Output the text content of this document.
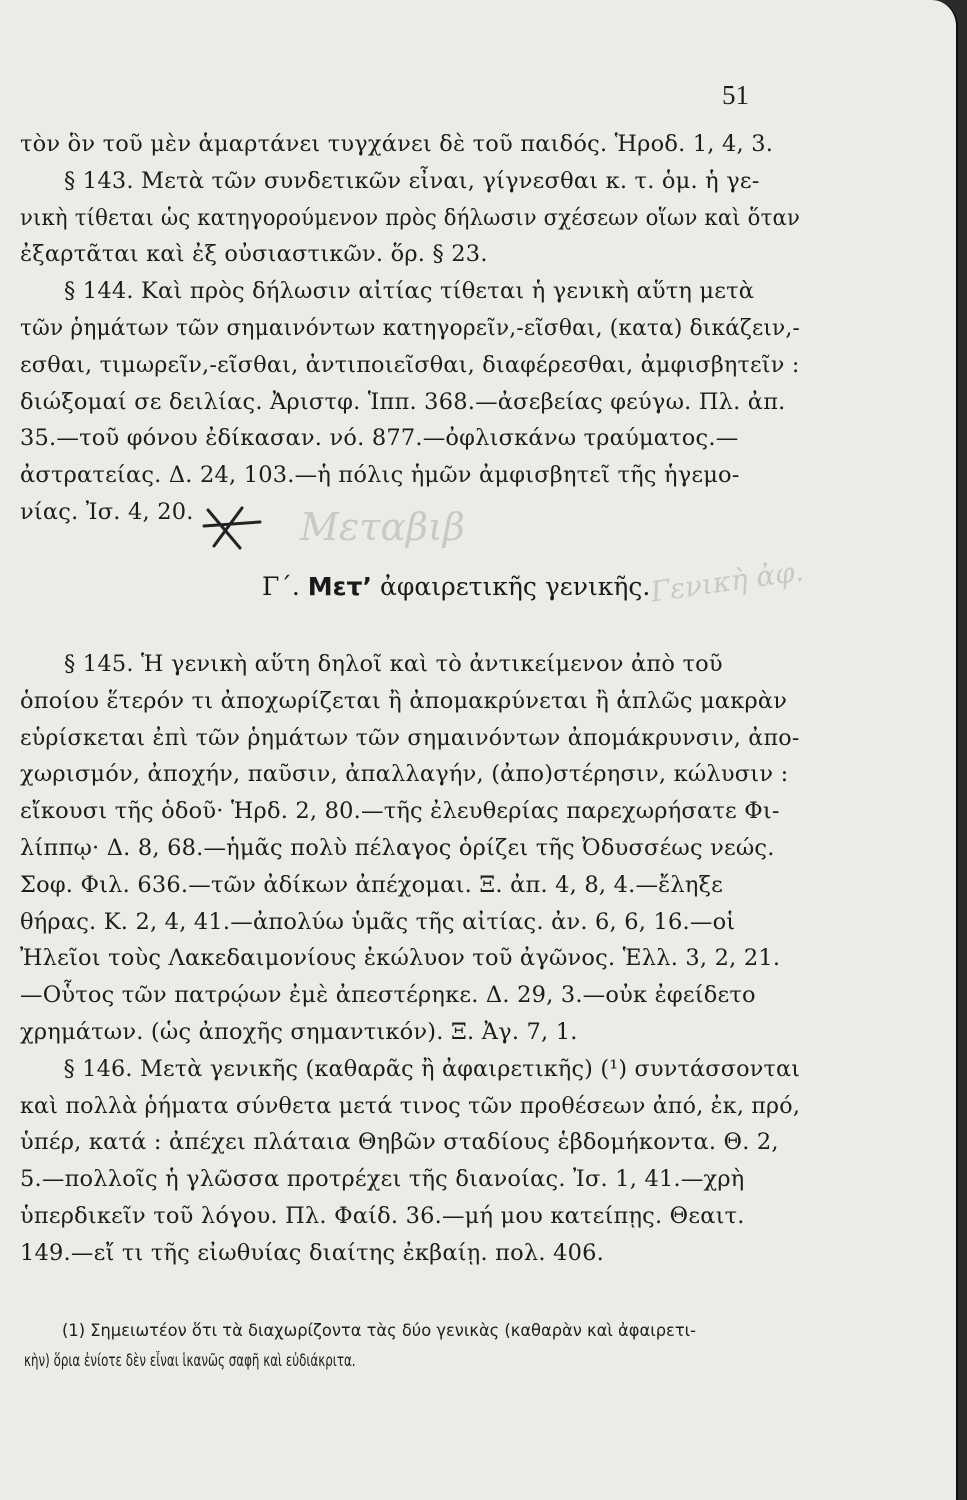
51
τὸν ὃν τοῦ μὲν ἁμαρτάνει τυγχάνει δὲ τοῦ παιδός. Ἡροδ. 1, 4, 3.
§ 143. Μετὰ τῶν συνδετικῶν εἶναι, γίγνεσθαι κ. τ. ὁμ. ἡ γε-
νικὴ τίθεται ὡς κατηγορούμενον πρὸς δήλωσιν σχέσεων οἵων καὶ ὅταν
ἐξαρτᾶται καὶ ἐξ οὐσιαστικῶν. ὅρ. § 23.
§ 144. Καὶ πρὸς δήλωσιν αἰτίας τίθεται ἡ γενικὴ αὕτη μετὰ
τῶν ῥημάτων τῶν σημαινόντων κατηγορεῖν,-εῖσθαι, (κατα) δικάζειν,-
εσθαι, τιμωρεῖν,-εῖσθαι, ἀντιποιεῖσθαι, διαφέρεσθαι, ἀμφισβητεῖν :
διώξομαί σε δειλίας. Ἀριστφ. Ἱππ. 368.—ἀσεβείας φεύγω. Πλ. ἀπ.
35.—τοῦ φόνου ἐδίκασαν. νό. 877.—ὀφλισκάνω τραύματος.—
ἀστρατείας. Δ. 24, 103.—ἡ πόλις ἡμῶν ἀμφισβητεῖ τῆς ἡγεμο-
νίας. Ἰσ. 4, 20.
Γ΄. Μετ’ ἀφαιρετικῆς γενικῆς.
Μεταβιβ
Γενικὴ ἀφ.
§ 145. Ἡ γενικὴ αὕτη δηλοῖ καὶ τὸ ἀντικείμενον ἀπὸ τοῦ
ὁποίου ἕτερόν τι ἀποχωρίζεται ἢ ἀπομακρύνεται ἢ ἁπλῶς μακρὰν
εὑρίσκεται ἐπὶ τῶν ῥημάτων τῶν σημαινόντων ἀπομάκρυνσιν, ἀπο-
χωρισμόν, ἀποχήν, παῦσιν, ἀπαλλαγήν, (ἀπο)στέρησιν, κώλυσιν :
εἴκουσι τῆς ὁδοῦ· Ἡρδ. 2, 80.—τῆς ἐλευθερίας παρεχωρήσατε Φι-
λίππῳ· Δ. 8, 68.—ἡμᾶς πολὺ πέλαγος ὁρίζει τῆς Ὀδυσσέως νεώς.
Σοφ. Φιλ. 636.—τῶν ἀδίκων ἀπέχομαι. Ξ. ἀπ. 4, 8, 4.—ἔληξε
θήρας. Κ. 2, 4, 41.—ἀπολύω ὑμᾶς τῆς αἰτίας. ἀν. 6, 6, 16.—οἱ
Ἠλεῖοι τοὺς Λακεδαιμονίους ἐκώλυον τοῦ ἀγῶνος. Ἑλλ. 3, 2, 21.
—Οὗτος τῶν πατρῴων ἐμὲ ἀπεστέρηκε. Δ. 29, 3.—οὐκ ἐφείδετο
χρημάτων. (ὡς ἀποχῆς σημαντικόν). Ξ. Ἀγ. 7, 1.
§ 146. Μετὰ γενικῆς (καθαρᾶς ἢ ἀφαιρετικῆς) (¹) συντάσσονται
καὶ πολλὰ ῥήματα σύνθετα μετά τινος τῶν προθέσεων ἀπό, ἐκ, πρό,
ὑπέρ, κατά : ἀπέχει πλάταια Θηβῶν σταδίους ἑβδομήκοντα. Θ. 2,
5.—πολλοῖς ἡ γλῶσσα προτρέχει τῆς διανοίας. Ἰσ. 1, 41.—χρὴ
ὑπερδικεῖν τοῦ λόγου. Πλ. Φαίδ. 36.—μή μου κατείπῃς. Θεαιτ.
149.—εἴ τι τῆς εἰωθυίας διαίτης ἐκβαίῃ. πολ. 406.
(1) Σημειωτέον ὅτι τὰ διαχωρίζοντα τὰς δύο γενικὰς (καθαρὰν καὶ ἀφαιρετι-
κὴν) ὅρια ἐνίοτε δὲν εἶναι ἱκανῶς σαφῆ καὶ εὐδιάκριτα.
